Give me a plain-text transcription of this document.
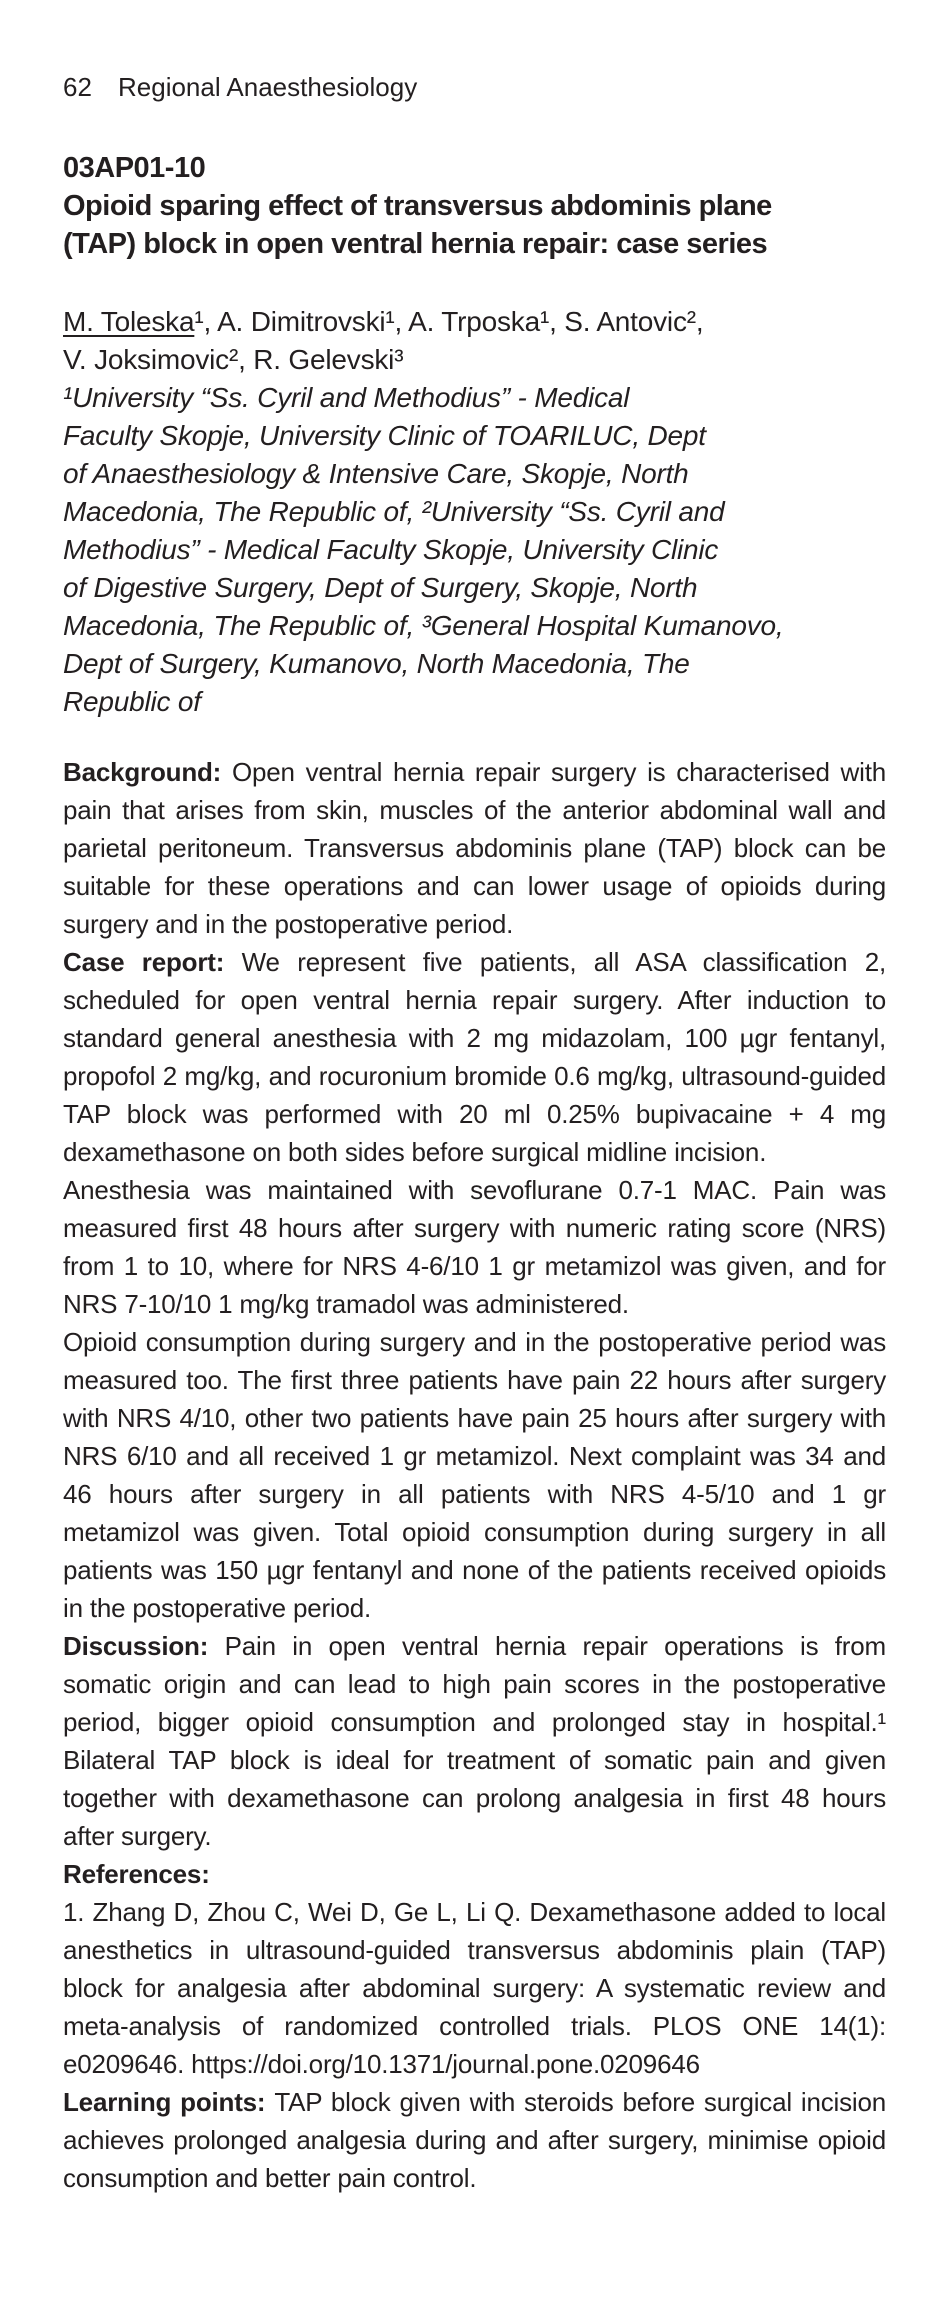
62	Regional Anaesthesiology
03AP01-10
Opioid sparing effect of transversus abdominis plane (TAP) block in open ventral hernia repair: case series
M. Toleska¹, A. Dimitrovski¹, A. Trposka¹, S. Antovic²,
V. Joksimovic², R. Gelevski³
¹University “Ss. Cyril and Methodius” - Medical
Faculty Skopje, University Clinic of TOARILUC, Dept
of Anaesthesiology & Intensive Care, Skopje, North
Macedonia, The Republic of, ²University “Ss. Cyril and
Methodius” - Medical Faculty Skopje, University Clinic
of Digestive Surgery, Dept of Surgery, Skopje, North
Macedonia, The Republic of, ³General Hospital Kumanovo,
Dept of Surgery, Kumanovo, North Macedonia, The
Republic of

Background: Open ventral hernia repair surgery is characterised with pain that arises from skin, muscles of the anterior abdominal wall and parietal peritoneum. Transversus abdominis plane (TAP) block can be suitable for these operations and can lower usage of opioids during surgery and in the postoperative period.

Case report: We represent five patients, all ASA classification 2, scheduled for open ventral hernia repair surgery. After induction to standard general anesthesia with 2 mg midazolam, 100 µgr fentanyl, propofol 2 mg/kg, and rocuronium bromide 0.6 mg/kg, ultrasound-guided TAP block was performed with 20 ml 0.25% bupivacaine + 4 mg dexamethasone on both sides before surgical midline incision.

Anesthesia was maintained with sevoflurane 0.7-1 MAC. Pain was measured first 48 hours after surgery with numeric rating score (NRS) from 1 to 10, where for NRS 4-6/10 1 gr metamizol was given, and for NRS 7-10/10 1 mg/kg tramadol was administered.

Opioid consumption during surgery and in the postoperative period was measured too. The first three patients have pain 22 hours after surgery with NRS 4/10, other two patients have pain 25 hours after surgery with NRS 6/10 and all received 1 gr metamizol. Next complaint was 34 and 46 hours after surgery in all patients with NRS 4-5/10 and 1 gr metamizol was given. Total opioid consumption during surgery in all patients was 150 µgr fentanyl and none of the patients received opioids in the postoperative period.

Discussion: Pain in open ventral hernia repair operations is from somatic origin and can lead to high pain scores in the postoperative period, bigger opioid consumption and prolonged stay in hospital.¹ Bilateral TAP block is ideal for treatment of somatic pain and given together with dexamethasone can prolong analgesia in first 48 hours after surgery.

References:

1. Zhang D, Zhou C, Wei D, Ge L, Li Q. Dexamethasone added to local anesthetics in ultrasound-guided transversus abdominis plain (TAP) block for analgesia after abdominal surgery: A systematic review and meta-analysis of randomized controlled trials. PLOS ONE 14(1): e0209646. https://doi.org/10.1371/journal.pone.0209646

Learning points: TAP block given with steroids before surgical incision achieves prolonged analgesia during and after surgery, minimise opioid consumption and better pain control.
